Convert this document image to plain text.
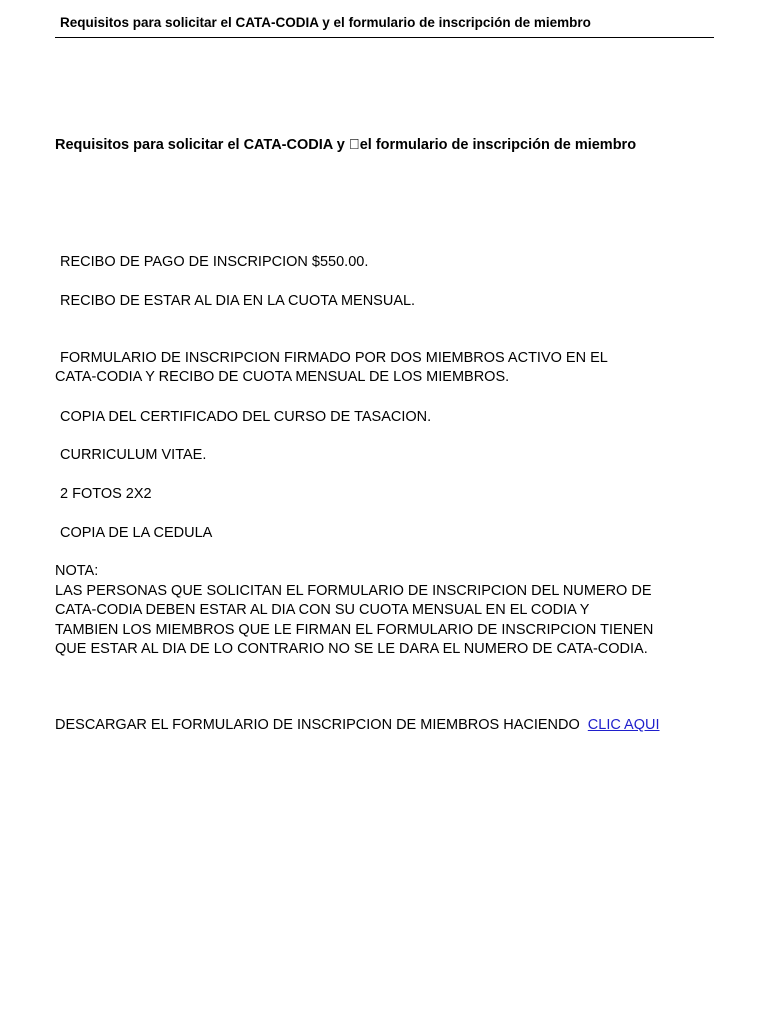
Requisitos para solicitar el CATA-CODIA y el formulario de inscripción de miembro
Requisitos para solicitar el CATA-CODIA y el formulario de inscripción de miembro
RECIBO DE PAGO DE INSCRIPCION $550.00.
RECIBO DE ESTAR AL DIA EN LA CUOTA MENSUAL.
FORMULARIO DE INSCRIPCION FIRMADO POR DOS MIEMBROS ACTIVO EN EL
CATA-CODIA Y RECIBO DE CUOTA MENSUAL DE LOS MIEMBROS.
COPIA DEL CERTIFICADO DEL CURSO DE TASACION.
CURRICULUM VITAE.
2 FOTOS 2X2
COPIA DE LA CEDULA
NOTA:
LAS PERSONAS QUE SOLICITAN EL FORMULARIO DE INSCRIPCION DEL NUMERO DE
CATA-CODIA DEBEN ESTAR AL DIA CON SU CUOTA MENSUAL EN EL CODIA Y
TAMBIEN LOS MIEMBROS QUE LE FIRMAN EL FORMULARIO DE INSCRIPCION TIENEN
QUE ESTAR AL DIA DE LO CONTRARIO NO SE LE DARA EL NUMERO DE CATA-CODIA.
DESCARGAR EL FORMULARIO DE INSCRIPCION DE MIEMBROS HACIENDO CLIC AQUI
